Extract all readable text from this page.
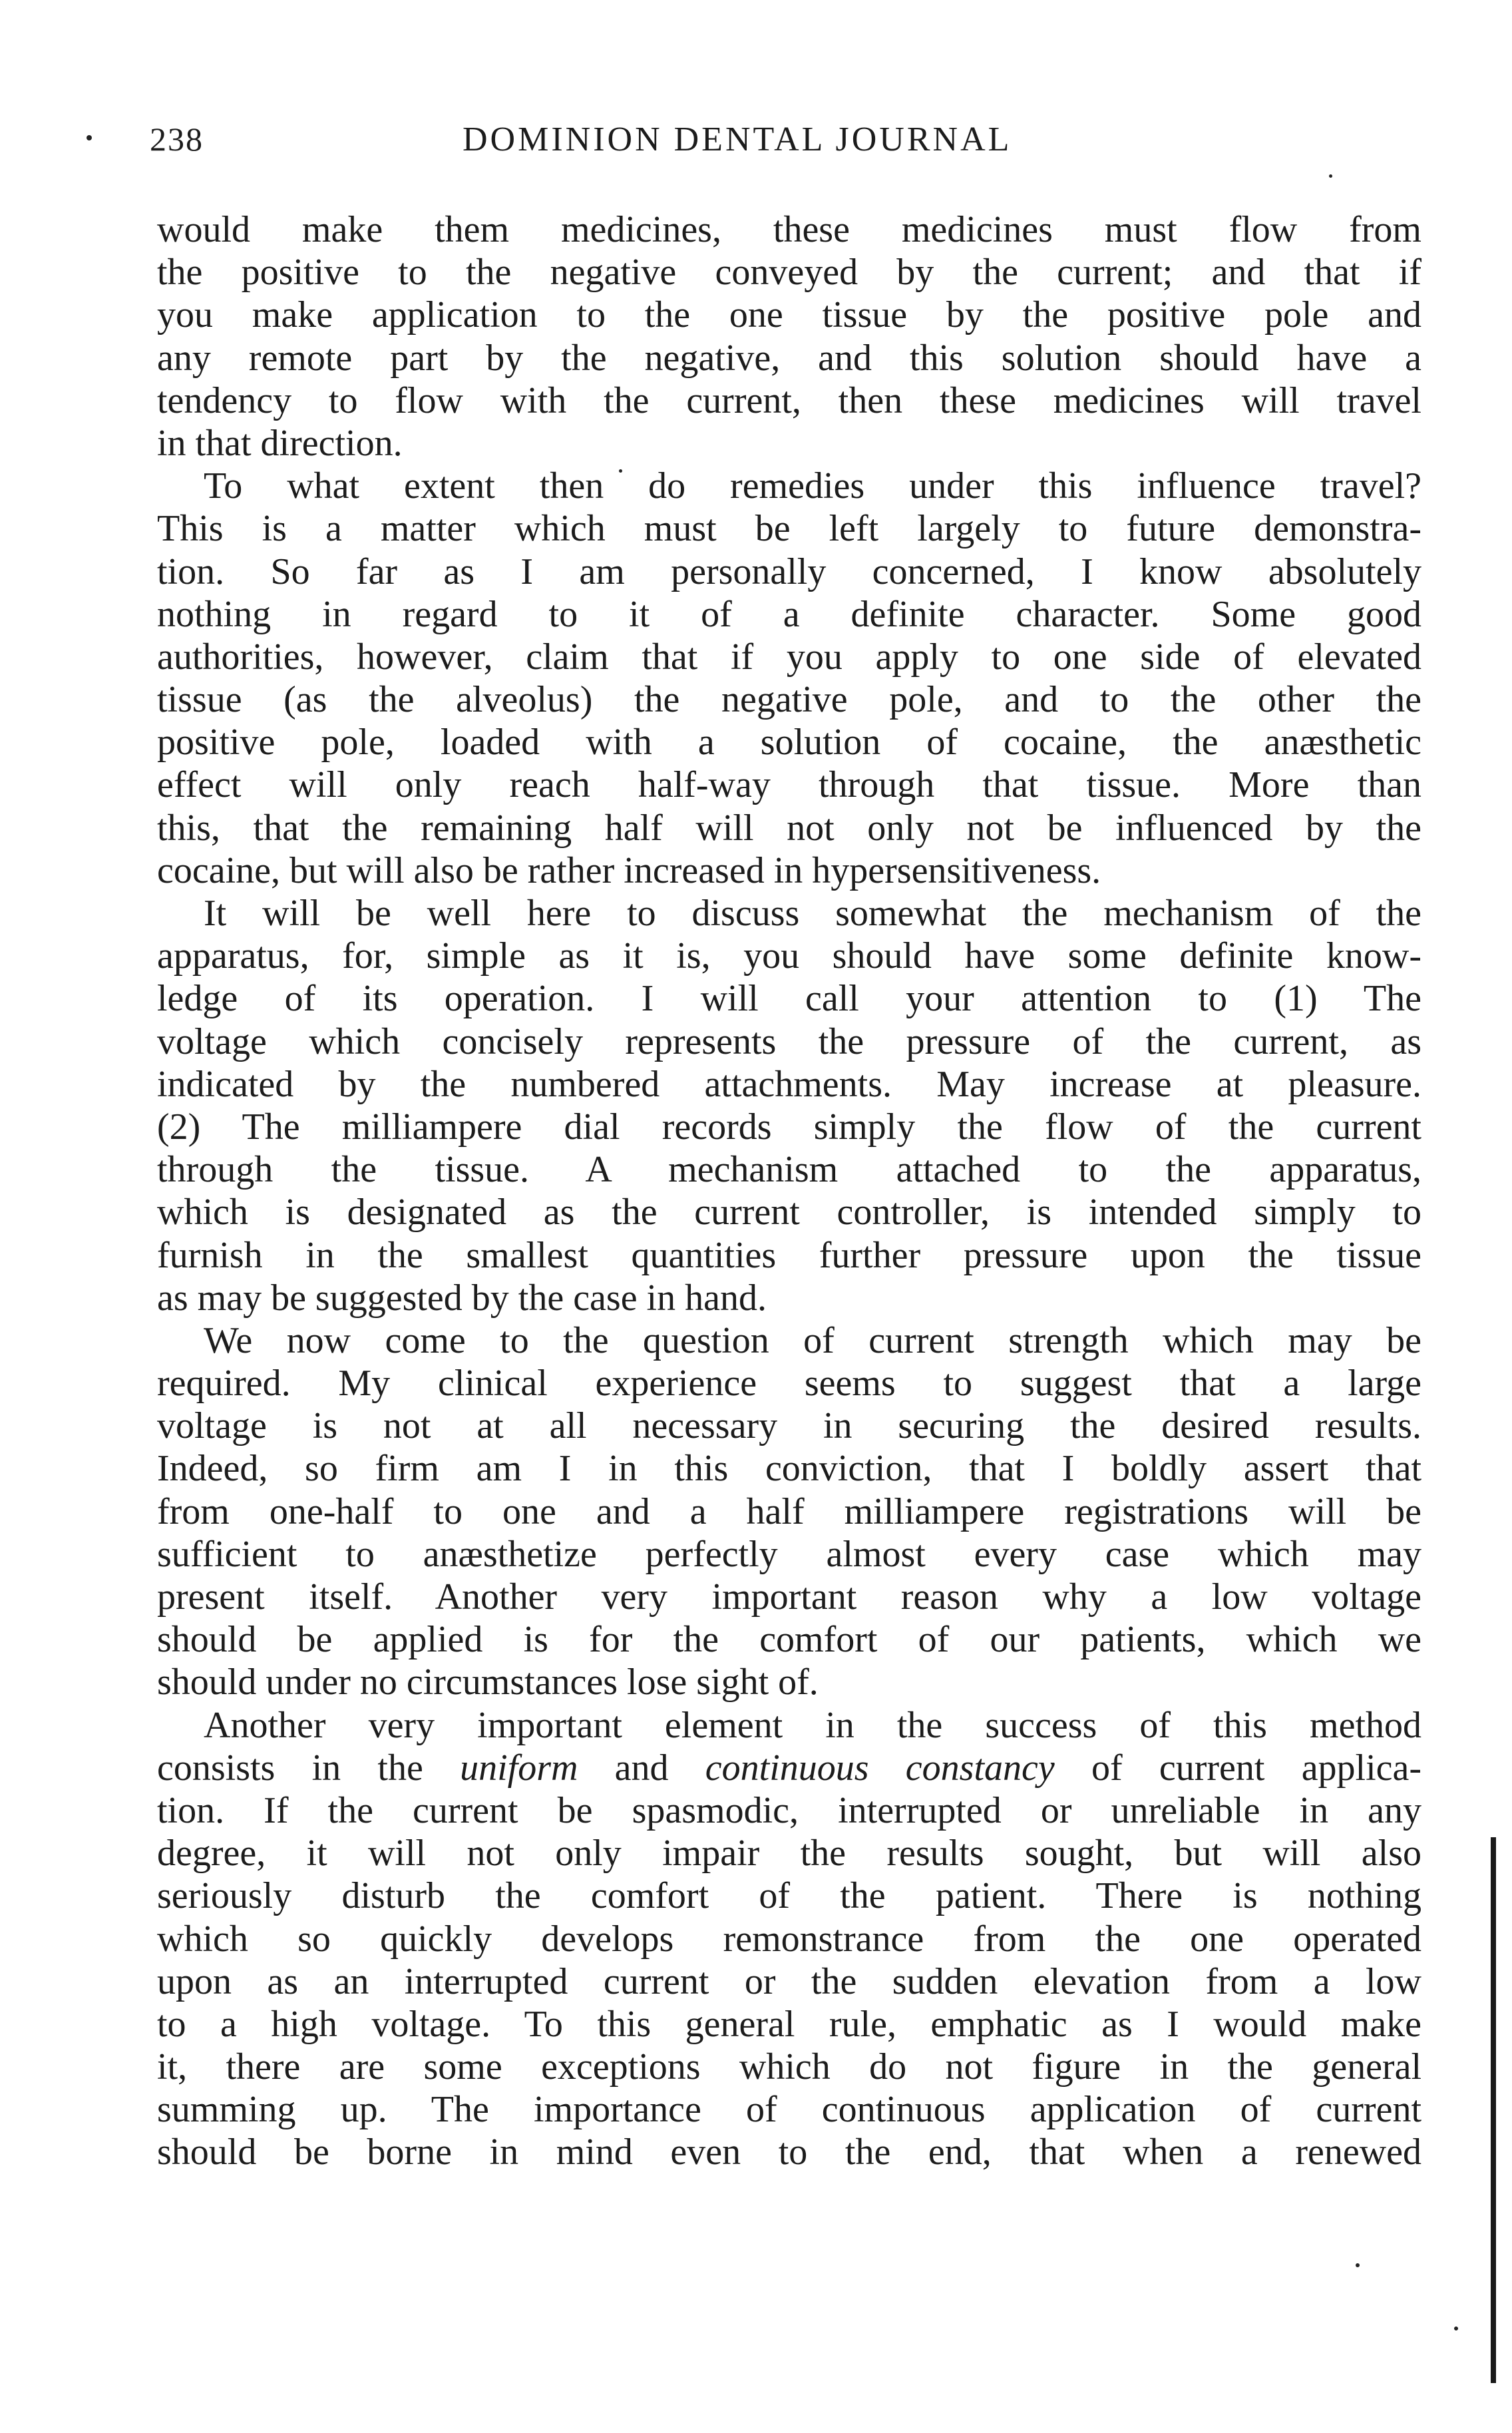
238	DOMINION DENTAL JOURNAL
would make them medicines, these medicines must flow from
the positive to the negative conveyed by the current; and that if
you make application to the one tissue by the positive pole and
any remote part by the negative, and this solution should have a
tendency to flow with the current, then these medicines will travel
in that direction.
To what extent then do remedies under this influence travel?
This is a matter which must be left largely to future demonstra-
tion. So far as I am personally concerned, I know absolutely
nothing in regard to it of a definite character. Some good
authorities, however, claim that if you apply to one side of elevated
tissue (as the alveolus) the negative pole, and to the other the
positive pole, loaded with a solution of cocaine, the anæsthetic
effect will only reach half-way through that tissue. More than
this, that the remaining half will not only not be influenced by the
cocaine, but will also be rather increased in hypersensitiveness.
It will be well here to discuss somewhat the mechanism of the
apparatus, for, simple as it is, you should have some definite know-
ledge of its operation. I will call your attention to (1) The
voltage which concisely represents the pressure of the current, as
indicated by the numbered attachments. May increase at pleasure.
(2) The milliampere dial records simply the flow of the current
through the tissue. A mechanism attached to the apparatus,
which is designated as the current controller, is intended simply to
furnish in the smallest quantities further pressure upon the tissue
as may be suggested by the case in hand.
We now come to the question of current strength which may be
required. My clinical experience seems to suggest that a large
voltage is not at all necessary in securing the desired results.
Indeed, so firm am I in this conviction, that I boldly assert that
from one-half to one and a half milliampere registrations will be
sufficient to anæsthetize perfectly almost every case which may
present itself. Another very important reason why a low voltage
should be applied is for the comfort of our patients, which we
should under no circumstances lose sight of.
Another very important element in the success of this method
consists in the uniform and continuous constancy of current applica-
tion. If the current be spasmodic, interrupted or unreliable in any
degree, it will not only impair the results sought, but will also
seriously disturb the comfort of the patient. There is nothing
which so quickly develops remonstrance from the one operated
upon as an interrupted current or the sudden elevation from a low
to a high voltage. To this general rule, emphatic as I would make
it, there are some exceptions which do not figure in the general
summing up. The importance of continuous application of current
should be borne in mind even to the end, that when a renewed
